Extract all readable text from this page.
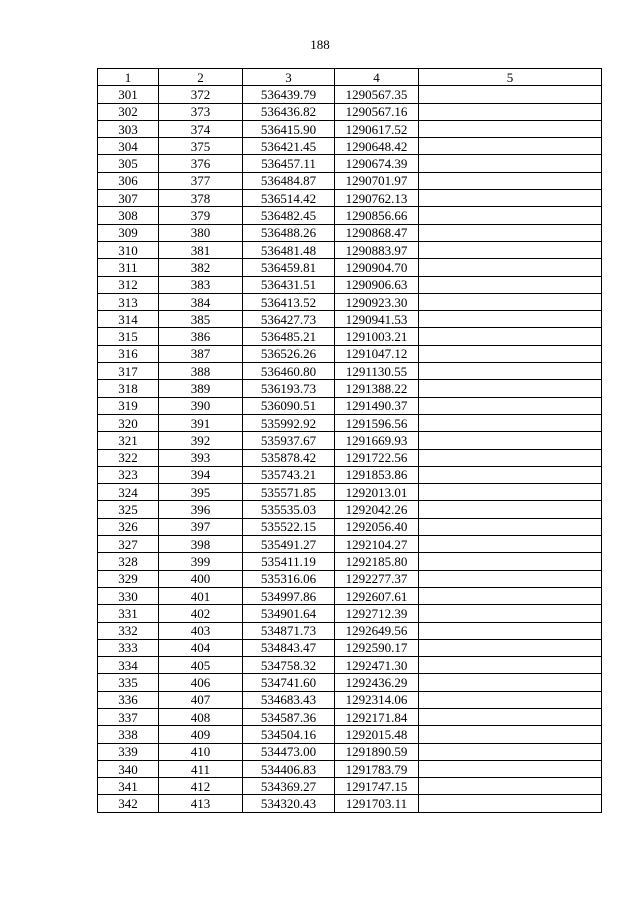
188
1	2	3	4	5
301	372	536439.79	1290567.35	
302	373	536436.82	1290567.16	
303	374	536415.90	1290617.52	
304	375	536421.45	1290648.42	
305	376	536457.11	1290674.39	
306	377	536484.87	1290701.97	
307	378	536514.42	1290762.13	
308	379	536482.45	1290856.66	
309	380	536488.26	1290868.47	
310	381	536481.48	1290883.97	
311	382	536459.81	1290904.70	
312	383	536431.51	1290906.63	
313	384	536413.52	1290923.30	
314	385	536427.73	1290941.53	
315	386	536485.21	1291003.21	
316	387	536526.26	1291047.12	
317	388	536460.80	1291130.55	
318	389	536193.73	1291388.22	
319	390	536090.51	1291490.37	
320	391	535992.92	1291596.56	
321	392	535937.67	1291669.93	
322	393	535878.42	1291722.56	
323	394	535743.21	1291853.86	
324	395	535571.85	1292013.01	
325	396	535535.03	1292042.26	
326	397	535522.15	1292056.40	
327	398	535491.27	1292104.27	
328	399	535411.19	1292185.80	
329	400	535316.06	1292277.37	
330	401	534997.86	1292607.61	
331	402	534901.64	1292712.39	
332	403	534871.73	1292649.56	
333	404	534843.47	1292590.17	
334	405	534758.32	1292471.30	
335	406	534741.60	1292436.29	
336	407	534683.43	1292314.06	
337	408	534587.36	1292171.84	
338	409	534504.16	1292015.48	
339	410	534473.00	1291890.59	
340	411	534406.83	1291783.79	
341	412	534369.27	1291747.15	
342	413	534320.43	1291703.11	
